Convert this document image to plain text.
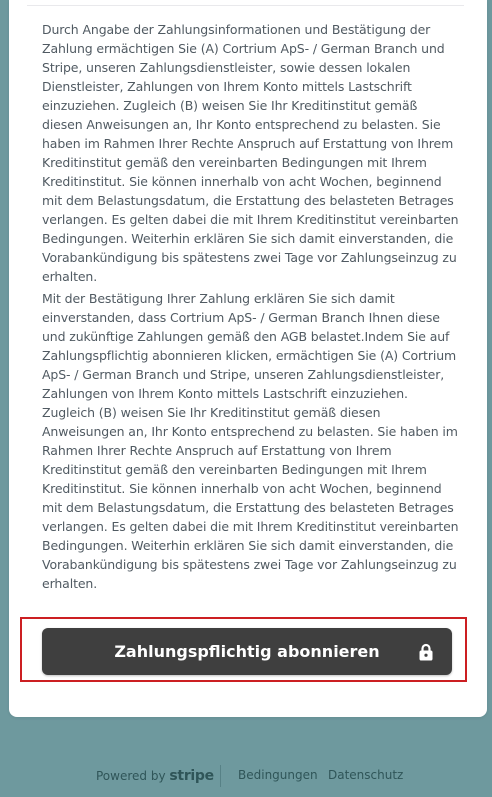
Durch Angabe der Zahlungsinformationen und Bestätigung der Zahlung ermächtigen Sie (A) Cortrium ApS- / German Branch und Stripe, unseren Zahlungsdienstleister, sowie dessen lokalen Dienstleister, Zahlungen von Ihrem Konto mittels Lastschrift einzuziehen. Zugleich (B) weisen Sie Ihr Kreditinstitut gemäß diesen Anweisungen an, Ihr Konto entsprechend zu belasten. Sie haben im Rahmen Ihrer Rechte Anspruch auf Erstattung von Ihrem Kreditinstitut gemäß den vereinbarten Bedingungen mit Ihrem Kreditinstitut. Sie können innerhalb von acht Wochen, beginnend mit dem Belastungsdatum, die Erstattung des belasteten Betrages verlangen. Es gelten dabei die mit Ihrem Kreditinstitut vereinbarten Bedingungen. Weiterhin erklären Sie sich damit einverstanden, die Vorabankündigung bis spätestens zwei Tage vor Zahlungseinzug zu erhalten.

Mit der Bestätigung Ihrer Zahlung erklären Sie sich damit einverstanden, dass Cortrium ApS- / German Branch Ihnen diese und zukünftige Zahlungen gemäß den AGB belastet.Indem Sie auf Zahlungspflichtig abonnieren klicken, ermächtigen Sie (A) Cortrium ApS- / German Branch und Stripe, unseren Zahlungsdienstleister, Zahlungen von Ihrem Konto mittels Lastschrift einzuziehen. Zugleich (B) weisen Sie Ihr Kreditinstitut gemäß diesen Anweisungen an, Ihr Konto entsprechend zu belasten. Sie haben im Rahmen Ihrer Rechte Anspruch auf Erstattung von Ihrem Kreditinstitut gemäß den vereinbarten Bedingungen mit Ihrem Kreditinstitut. Sie können innerhalb von acht Wochen, beginnend mit dem Belastungsdatum, die Erstattung des belasteten Betrages verlangen. Es gelten dabei die mit Ihrem Kreditinstitut vereinbarten Bedingungen. Weiterhin erklären Sie sich damit einverstanden, die Vorabankündigung bis spätestens zwei Tage vor Zahlungseinzug zu erhalten.

Zahlungspflichtig abonnieren
Powered by stripe Bedingungen Datenschutz
